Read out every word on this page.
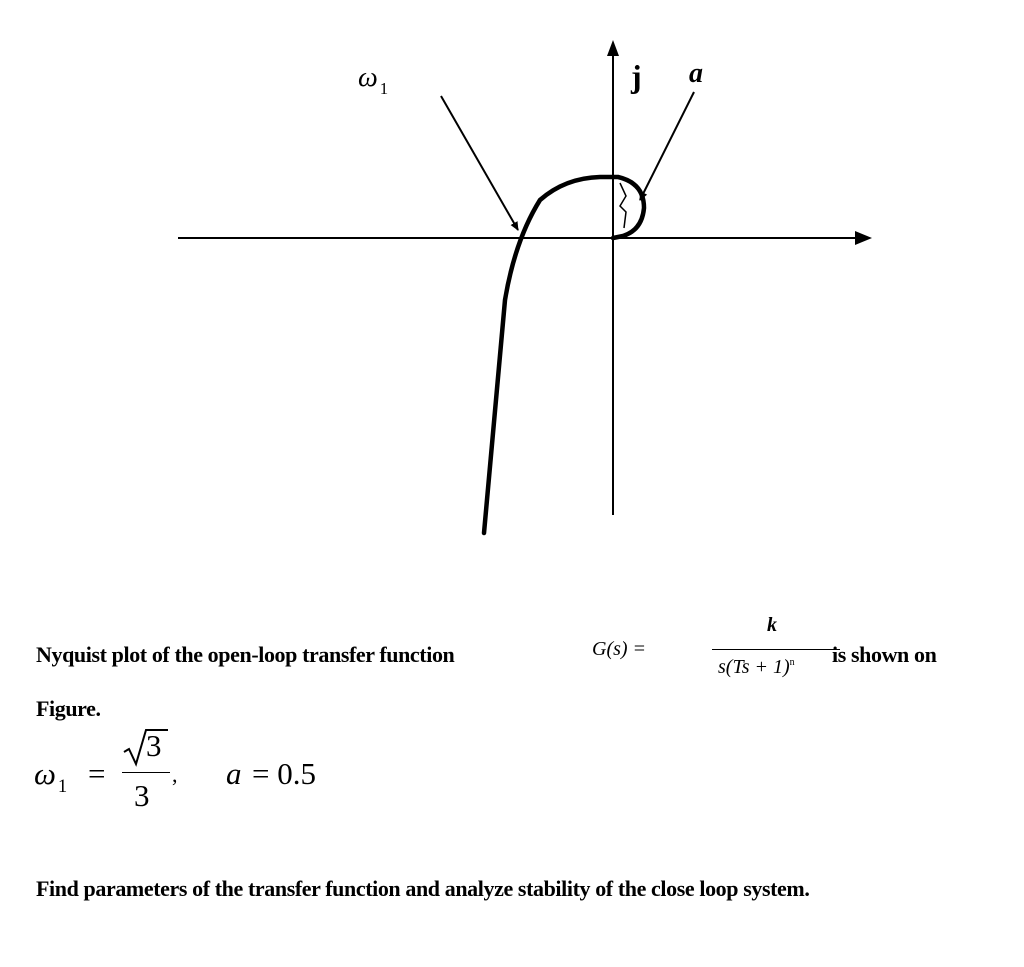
ω $_1$	j a
Nyquist plot of the open-loop transfer function	G(s) =
k
$s(Ts + 1)^n$ is shown on
Figure.
ω $_1$ =
3
3
, a = 0.5
Find parameters of the transfer function and analyze stability of the close loop system.
